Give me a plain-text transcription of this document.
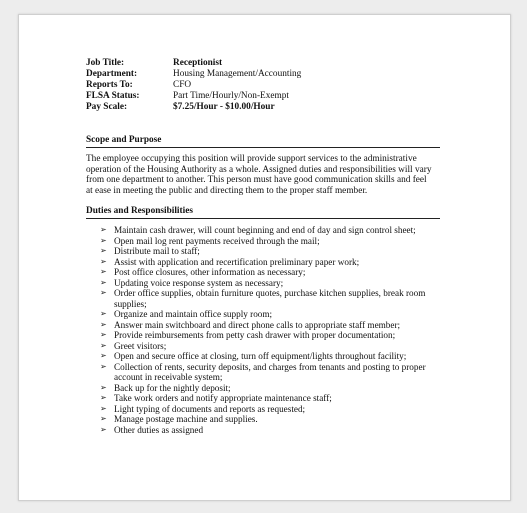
Job Title:	Receptionist
Department:	Housing Management/Accounting
Reports To:	CFO
FLSA Status:	Part Time/Hourly/Non-Exempt
Pay Scale:	$7.25/Hour - $10.00/Hour
Scope and Purpose
The employee occupying this position will provide support services to the administrative operation of the Housing Authority as a whole. Assigned duties and responsibilities will vary from one department to another. This person must have good communication skills and feel at ease in meeting the public and directing them to the proper staff member.
Duties and Responsibilities
➢ Maintain cash drawer, will count beginning and end of day and sign control sheet;
➢ Open mail log rent payments received through the mail;
➢ Distribute mail to staff;
➢ Assist with application and recertification preliminary paper work;
➢ Post office closures, other information as necessary;
➢ Updating voice response system as necessary;
➢ Order office supplies, obtain furniture quotes, purchase kitchen supplies, break room supplies;
➢ Organize and maintain office supply room;
➢ Answer main switchboard and direct phone calls to appropriate staff member;
➢ Provide reimbursements from petty cash drawer with proper documentation;
➢ Greet visitors;
➢ Open and secure office at closing, turn off equipment/lights throughout facility;
➢ Collection of rents, security deposits, and charges from tenants and posting to proper account in receivable system;
➢ Back up for the nightly deposit;
➢ Take work orders and notify appropriate maintenance staff;
➢ Light typing of documents and reports as requested;
➢ Manage postage machine and supplies.
➢ Other duties as assigned
